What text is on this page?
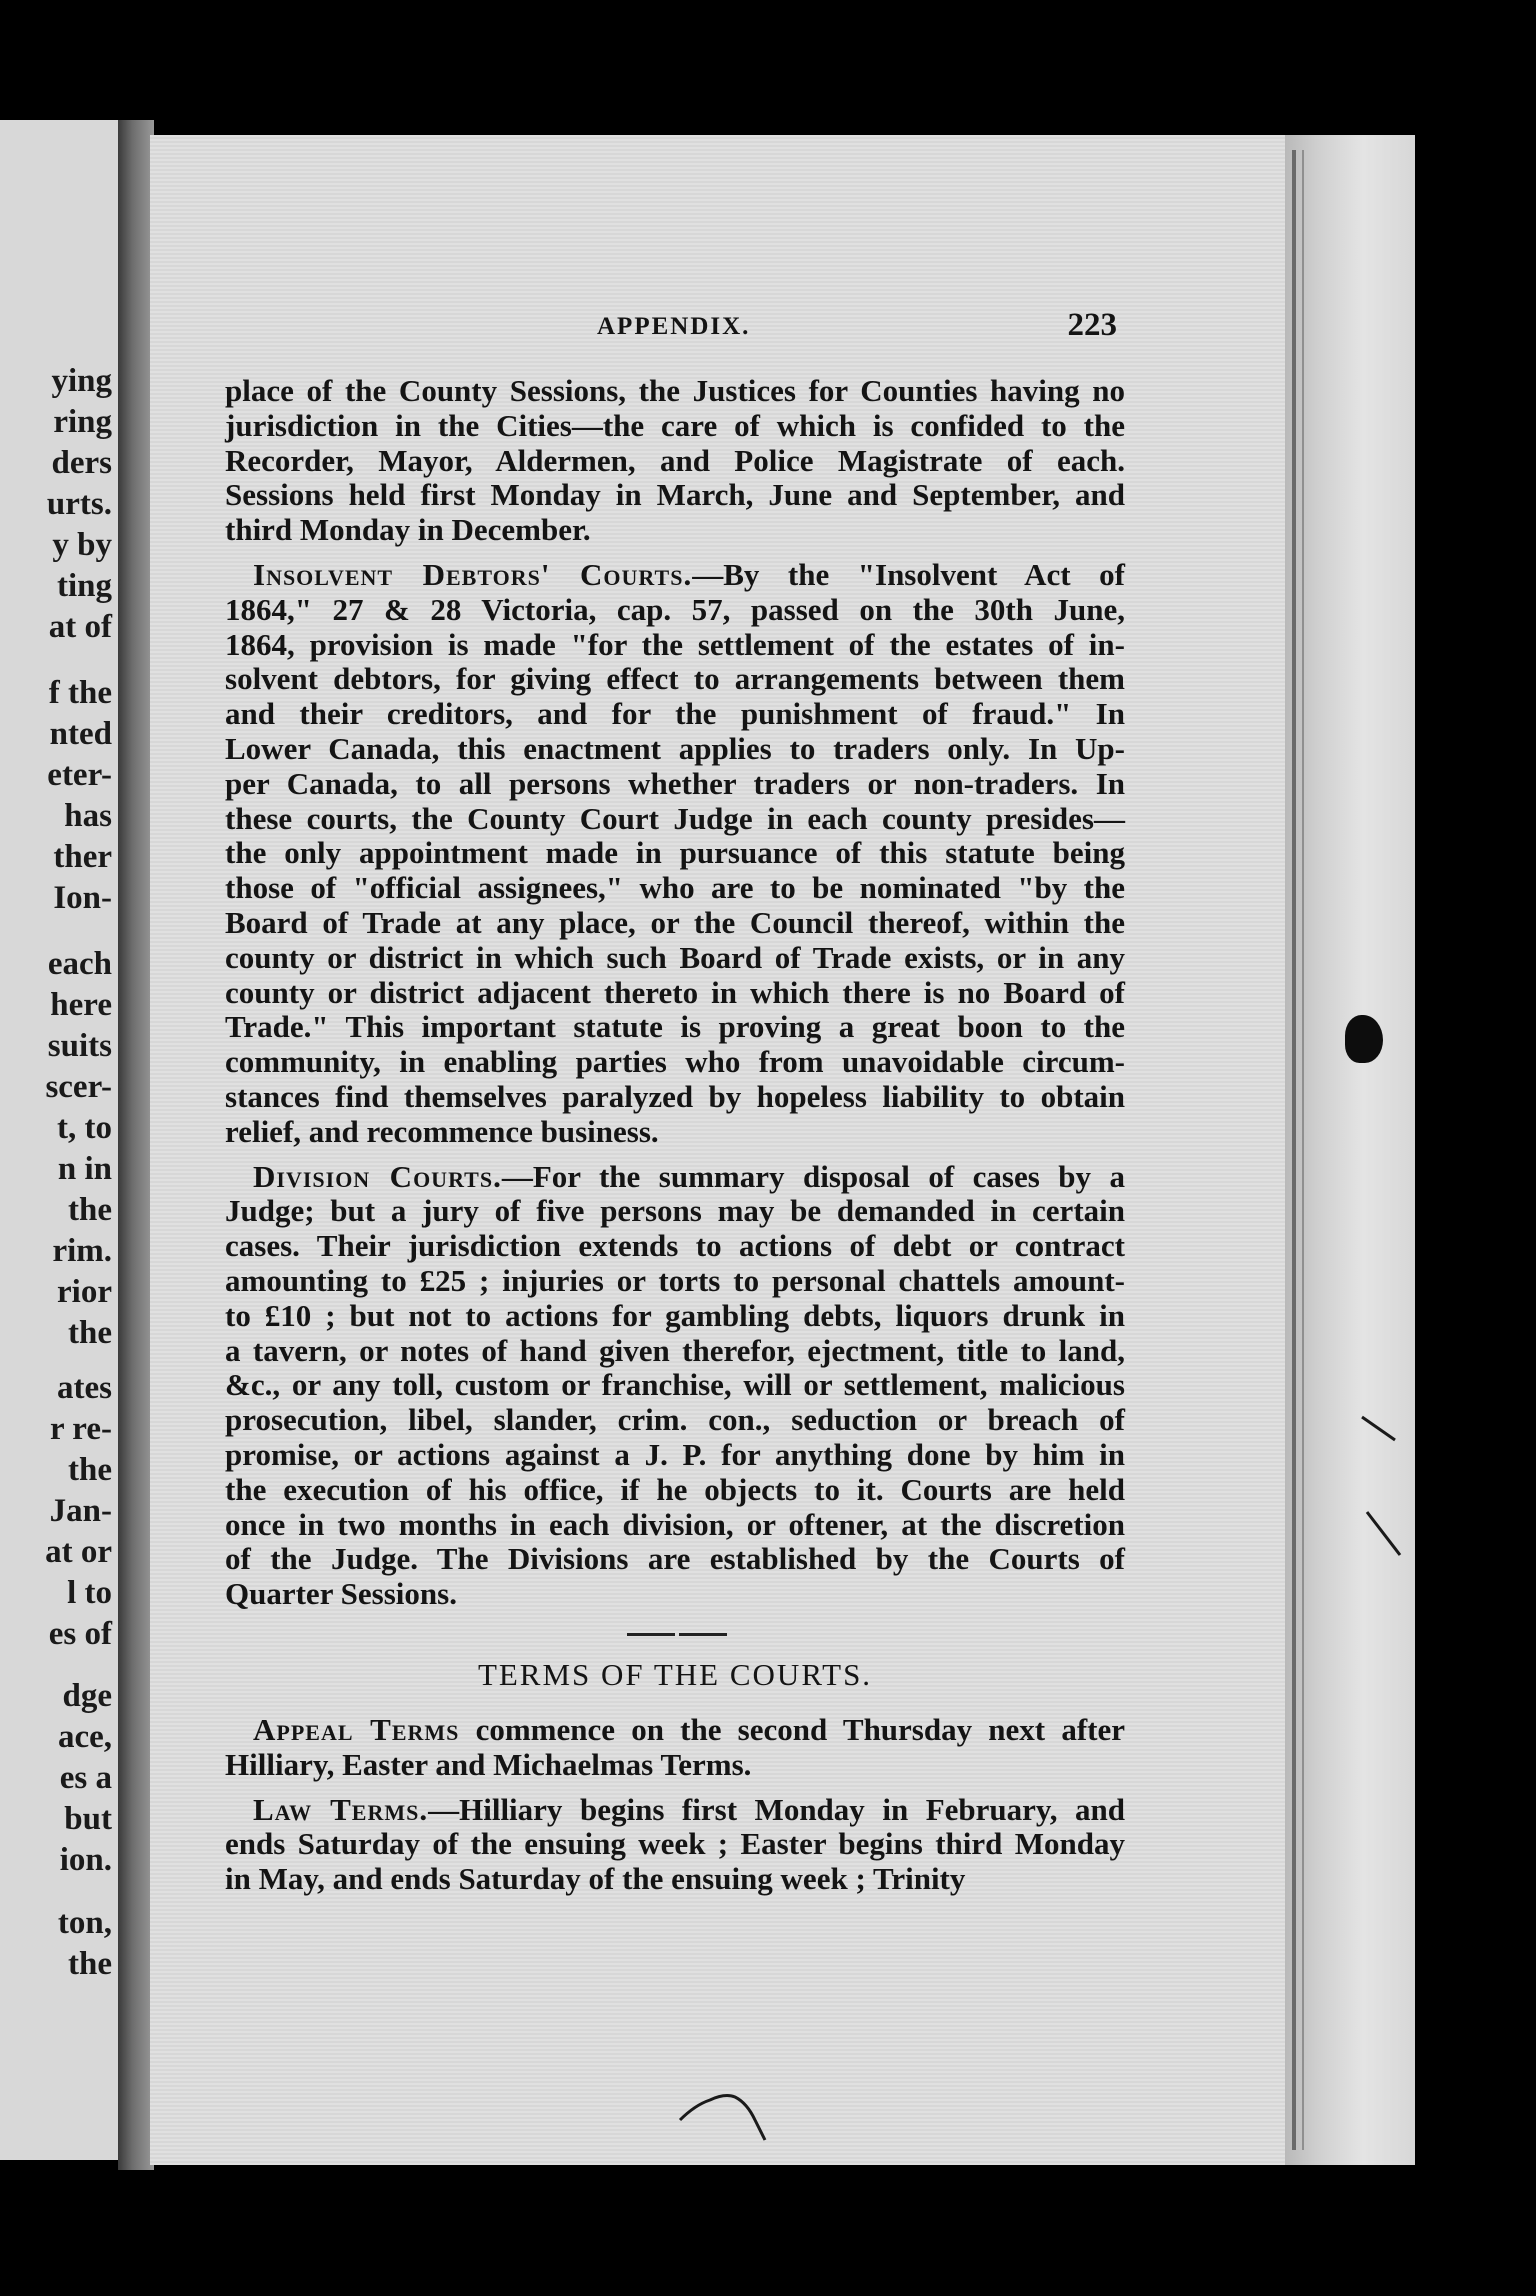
ying
ring
ders
urts.
y by
ting
at of
f the
nted
eter-
has
ther
Ion-
each
here
suits
scer-
t, to
n in
the
rim.
rior
the
ates
r re-
the
Jan-
at or
l to
es of
dge
ace,
es a
but
ion.
ton,
the
APPENDIX.	223

place of the County Sessions, the Justices for Counties having no

jurisdiction in the Cities—the care of which is confided to the

Recorder, Mayor, Aldermen, and Police Magistrate of each.

Sessions held first Monday in March, June and September, and

third Monday in December.

Insolvent Debtors' Courts.—By the "Insolvent Act of

1864," 27 & 28 Victoria, cap. 57, passed on the 30th June,

1864, provision is made "for the settlement of the estates of in-

solvent debtors, for giving effect to arrangements between them

and their creditors, and for the punishment of fraud." In

Lower Canada, this enactment applies to traders only. In Up-

per Canada, to all persons whether traders or non-traders. In

these courts, the County Court Judge in each county presides—

the only appointment made in pursuance of this statute being

those of "official assignees," who are to be nominated "by the

Board of Trade at any place, or the Council thereof, within the

county or district in which such Board of Trade exists, or in any

county or district adjacent thereto in which there is no Board of

Trade." This important statute is proving a great boon to the

community, in enabling parties who from unavoidable circum-

stances find themselves paralyzed by hopeless liability to obtain

relief, and recommence business.

Division Courts.—For the summary disposal of cases by a

Judge; but a jury of five persons may be demanded in certain

cases. Their jurisdiction extends to actions of debt or contract

amounting to £25 ; injuries or torts to personal chattels amount-

to £10 ; but not to actions for gambling debts, liquors drunk in

a tavern, or notes of hand given therefor, ejectment, title to land,

&c., or any toll, custom or franchise, will or settlement, malicious

prosecution, libel, slander, crim. con., seduction or breach of

promise, or actions against a J. P. for anything done by him in

the execution of his office, if he objects to it. Courts are held

once in two months in each division, or oftener, at the discretion

of the Judge. The Divisions are established by the Courts of

Quarter Sessions.

TERMS OF THE COURTS.

Appeal Terms commence on the second Thursday next after

Hilliary, Easter and Michaelmas Terms.

Law Terms.—Hilliary begins first Monday in February, and

ends Saturday of the ensuing week ; Easter begins third Monday

in May, and ends Saturday of the ensuing week ; Trinity
